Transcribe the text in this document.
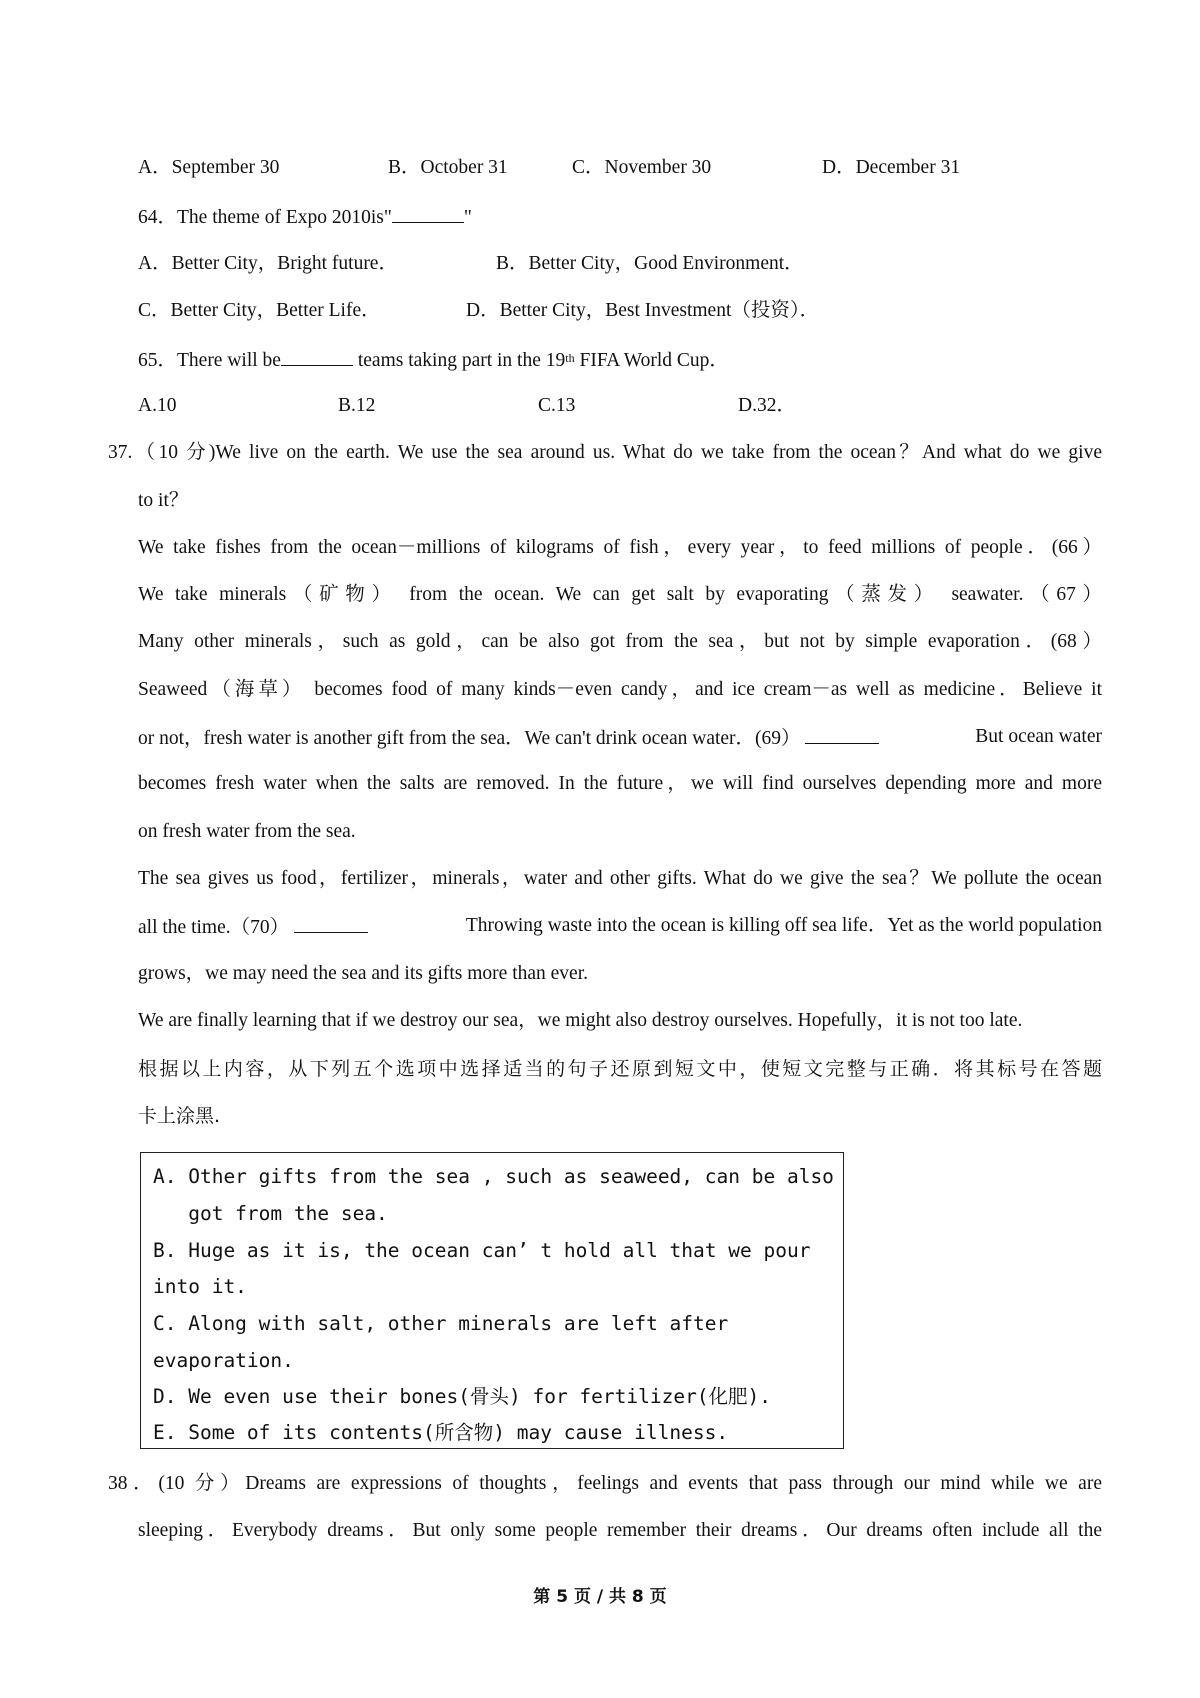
A．September 30	B．October 31	C．November 30	D．December 31
64．The theme of Expo 2010is"	"
A．Better City，Bright future．	B．Better City，Good Environment．
C．Better City，Better Life．	D．Better City，Best Investment（投资）．
65．There will be	teams taking part in the 19th FIFA World Cup．
A.10	B.12	C.13	D.32．
37.（10 分)We live on the earth. We use the sea around us. What do we take from the ocean？And what do we give
to it？
We take fishes from the ocean－millions of kilograms of fish，every year，to feed millions of people．(66）
We take minerals（矿物） from the ocean. We can get salt by evaporating（蒸发） seawater.（67）
Many other minerals，such as gold，can be also got from the sea，but not by simple evaporation．(68）
Seaweed（海草） becomes food of many kinds－even candy，and ice cream－as well as medicine．Believe it
or not，fresh water is another gift from the sea．We can't drink ocean water．(69）	But ocean water
becomes fresh water when the salts are removed. In the future，we will find ourselves depending more and more
on fresh water from the sea.
The sea gives us food，fertilizer，minerals，water and other gifts. What do we give the sea？We pollute the ocean
all the time.（70）	Throwing waste into the ocean is killing off sea life．Yet as the world population
grows，we may need the sea and its gifts more than ever.
We are finally learning that if we destroy our sea，we might also destroy ourselves. Hopefully，it is not too late.
根据以上内容，从下列五个选项中选择适当的句子还原到短文中，使短文完整与正确．将其标号在答题
卡上涂黑.
A. Other gifts from the sea , such as seaweed, can be also
got from the sea.
B. Huge as it is, the ocean can’ t hold all that we pour
into it.
C. Along with salt, other minerals are left after
evaporation.
D. We even use their bones(骨头) for fertilizer(化肥).
E. Some of its contents(所含物) may cause illness.
38．(10 分）Dreams are expressions of thoughts，feelings and events that pass through our mind while we are
sleeping．Everybody dreams．But only some people remember their dreams．Our dreams often include all the
第 5 页 / 共 8 页
